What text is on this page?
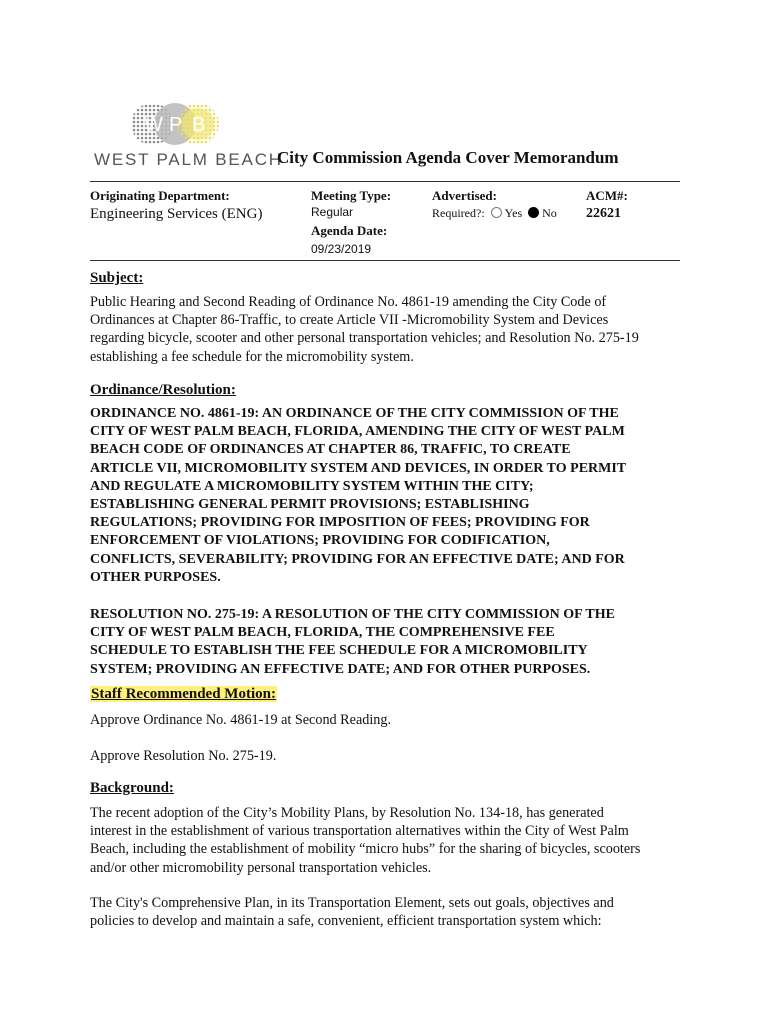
W P B
WEST PALM BEACH
City Commission Agenda Cover Memorandum
Originating Department:
Engineering Services (ENG)
Meeting Type:
Regular
Agenda Date:
09/23/2019
Advertised:
Required?: Yes No
ACM#:
22621
Subject:
Public Hearing and Second Reading of Ordinance No. 4861-19 amending the City Code of
Ordinances at Chapter 86-Traffic, to create Article VII -Micromobility System and Devices
regarding bicycle, scooter and other personal transportation vehicles; and Resolution No. 275-19
establishing a fee schedule for the micromobility system.
Ordinance/Resolution:
ORDINANCE NO. 4861-19: AN ORDINANCE OF THE CITY COMMISSION OF THE
CITY OF WEST PALM BEACH, FLORIDA, AMENDING THE CITY OF WEST PALM
BEACH CODE OF ORDINANCES AT CHAPTER 86, TRAFFIC, TO CREATE
ARTICLE VII, MICROMOBILITY SYSTEM AND DEVICES, IN ORDER TO PERMIT
AND REGULATE A MICROMOBILITY SYSTEM WITHIN THE CITY;
ESTABLISHING GENERAL PERMIT PROVISIONS; ESTABLISHING
REGULATIONS; PROVIDING FOR IMPOSITION OF FEES; PROVIDING FOR
ENFORCEMENT OF VIOLATIONS; PROVIDING FOR CODIFICATION,
CONFLICTS, SEVERABILITY; PROVIDING FOR AN EFFECTIVE DATE; AND FOR
OTHER PURPOSES.
RESOLUTION NO. 275-19: A RESOLUTION OF THE CITY COMMISSION OF THE
CITY OF WEST PALM BEACH, FLORIDA, THE COMPREHENSIVE FEE
SCHEDULE TO ESTABLISH THE FEE SCHEDULE FOR A MICROMOBILITY
SYSTEM; PROVIDING AN EFFECTIVE DATE; AND FOR OTHER PURPOSES.
Staff Recommended Motion:
Approve Ordinance No. 4861-19 at Second Reading.
Approve Resolution No. 275-19.
Background:
The recent adoption of the City’s Mobility Plans, by Resolution No. 134-18, has generated
interest in the establishment of various transportation alternatives within the City of West Palm
Beach, including the establishment of mobility “micro hubs” for the sharing of bicycles, scooters
and/or other micromobility personal transportation vehicles.
The City's Comprehensive Plan, in its Transportation Element, sets out goals, objectives and
policies to develop and maintain a safe, convenient, efficient transportation system which:
